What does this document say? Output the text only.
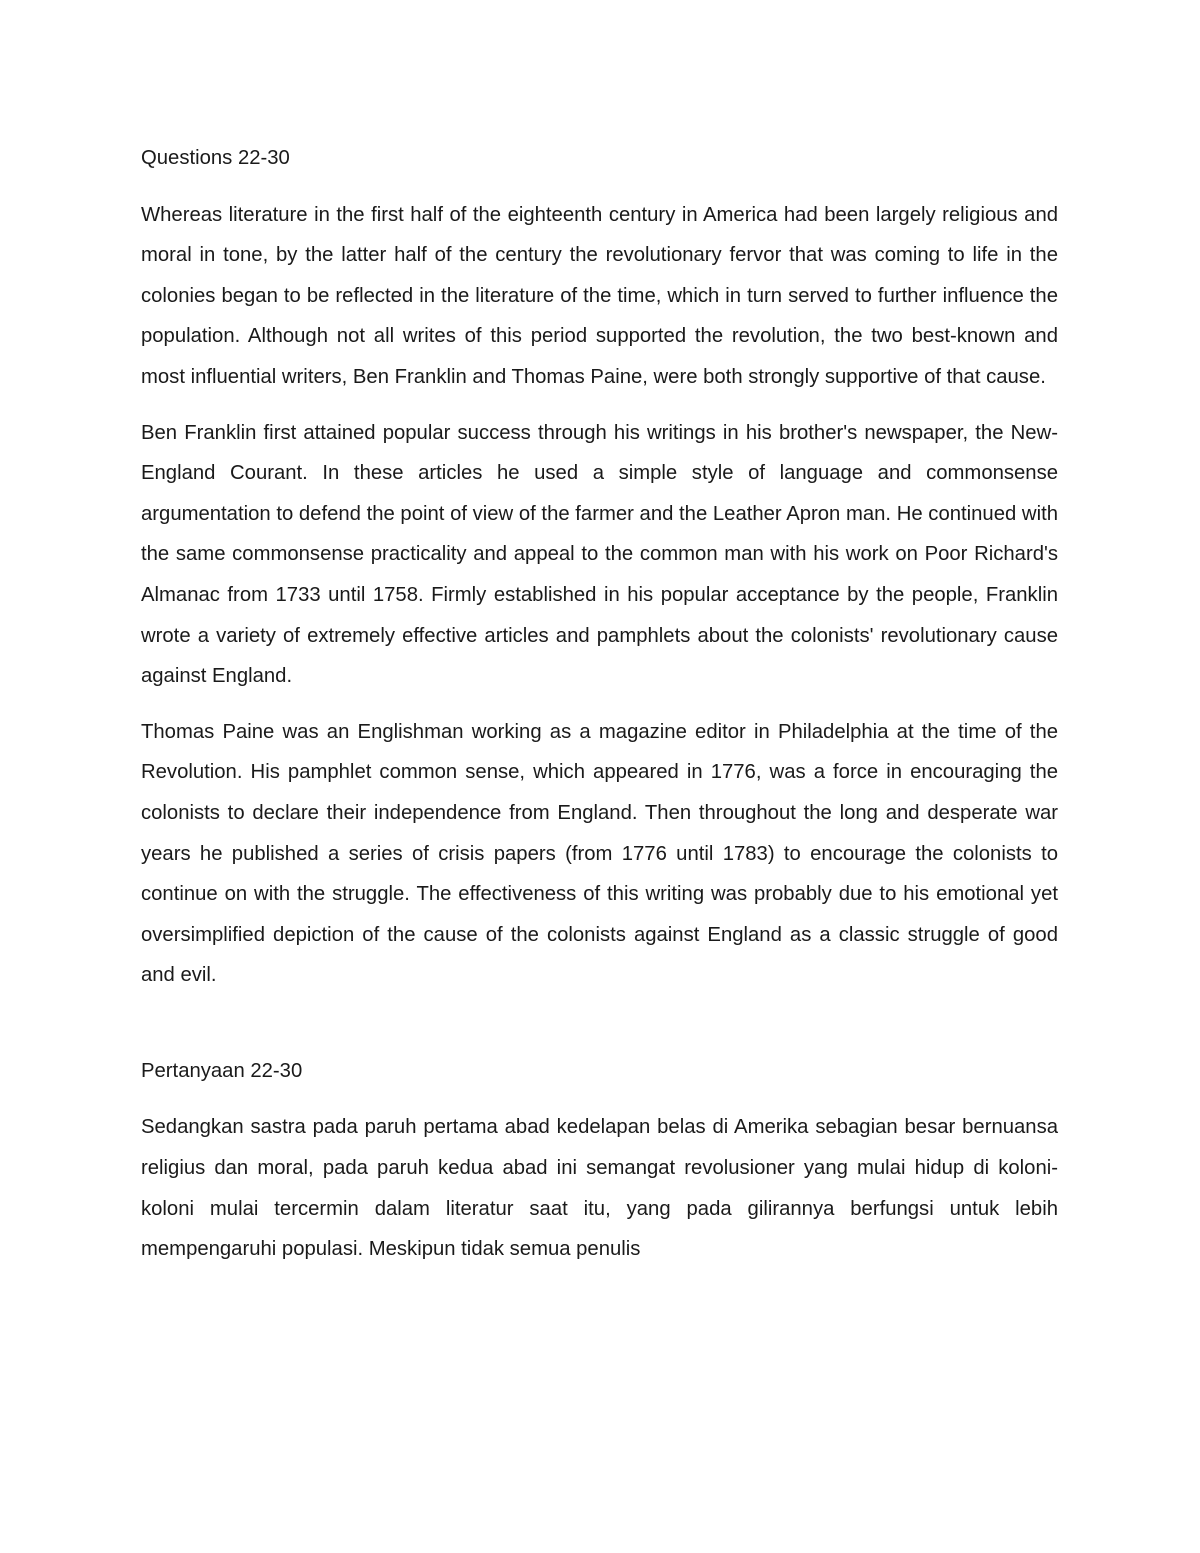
Questions 22-30

Whereas literature in the first half of the eighteenth century in America had been largely religious and moral in tone, by the latter half of the century the revolutionary fervor that was coming to life in the colonies began to be reflected in the literature of the time, which in turn served to further influence the population. Although not all writes of this period supported the revolution, the two best-known and most influential writers, Ben Franklin and Thomas Paine, were both strongly supportive of that cause.

Ben Franklin first attained popular success through his writings in his brother's newspaper, the New-England Courant. In these articles he used a simple style of language and commonsense argumentation to defend the point of view of the farmer and the Leather Apron man. He continued with the same commonsense practicality and appeal to the common man with his work on Poor Richard's Almanac from 1733 until 1758. Firmly established in his popular acceptance by the people, Franklin wrote a variety of extremely effective articles and pamphlets about the colonists' revolutionary cause against England.

Thomas Paine was an Englishman working as a magazine editor in Philadelphia at the time of the Revolution. His pamphlet common sense, which appeared in 1776, was a force in encouraging the colonists to declare their independence from England. Then throughout the long and desperate war years he published a series of crisis papers (from 1776 until 1783) to encourage the colonists to continue on with the struggle. The effectiveness of this writing was probably due to his emotional yet oversimplified depiction of the cause of the colonists against England as a classic struggle of good and evil.

Pertanyaan 22-30

Sedangkan sastra pada paruh pertama abad kedelapan belas di Amerika sebagian besar bernuansa religius dan moral, pada paruh kedua abad ini semangat revolusioner yang mulai hidup di koloni-koloni mulai tercermin dalam literatur saat itu, yang pada gilirannya berfungsi untuk lebih mempengaruhi populasi. Meskipun tidak semua penulis
